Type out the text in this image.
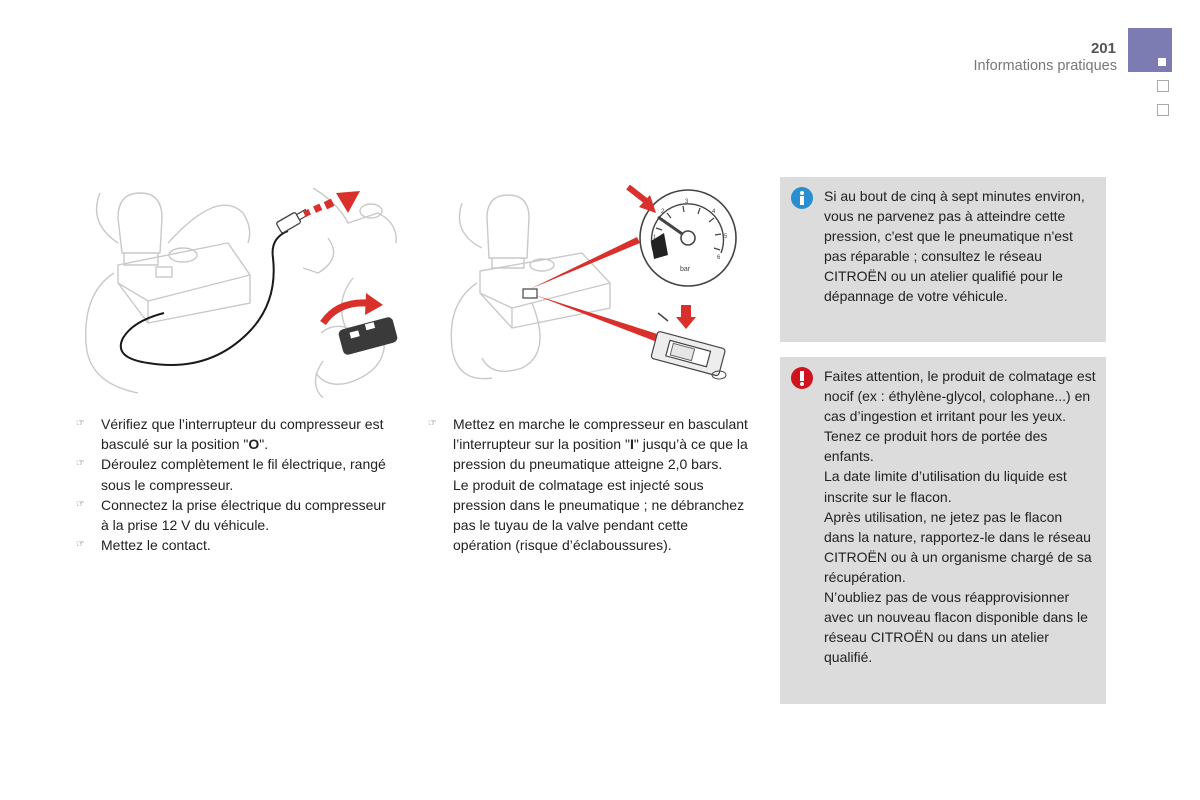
201
Informations pratiques
1
2
3
4
5
6
bar
☞ Vérifiez que l’interrupteur du compresseur est basculé sur la position "O".
☞ Déroulez complètement le fil électrique, rangé sous le compresseur.
☞ Connectez la prise électrique du compresseur à la prise 12 V du véhicule.
☞ Mettez le contact.
☞ Mettez en marche le compresseur en basculant l’interrupteur sur la position "I" jusqu’à ce que la pression du pneumatique atteigne 2,0 bars.
Le produit de colmatage est injecté sous pression dans le pneumatique ; ne débranchez pas le tuyau de la valve pendant cette opération (risque d’éclaboussures).
Si au bout de cinq à sept minutes environ, vous ne parvenez pas à atteindre cette pression, c'est que le pneumatique n'est pas réparable ; consultez le réseau CITROËN ou un atelier qualifié pour le dépannage de votre véhicule.

Faites attention, le produit de colmatage est nocif (ex : éthylène-glycol, colophane...) en cas d’ingestion et irritant pour les yeux.

Tenez ce produit hors de portée des enfants.

La date limite d’utilisation du liquide est inscrite sur le flacon.

Après utilisation, ne jetez pas le flacon dans la nature, rapportez-le dans le réseau CITROËN ou à un organisme chargé de sa récupération.

N’oubliez pas de vous réapprovisionner avec un nouveau flacon disponible dans le réseau CITROËN ou dans un atelier qualifié.
